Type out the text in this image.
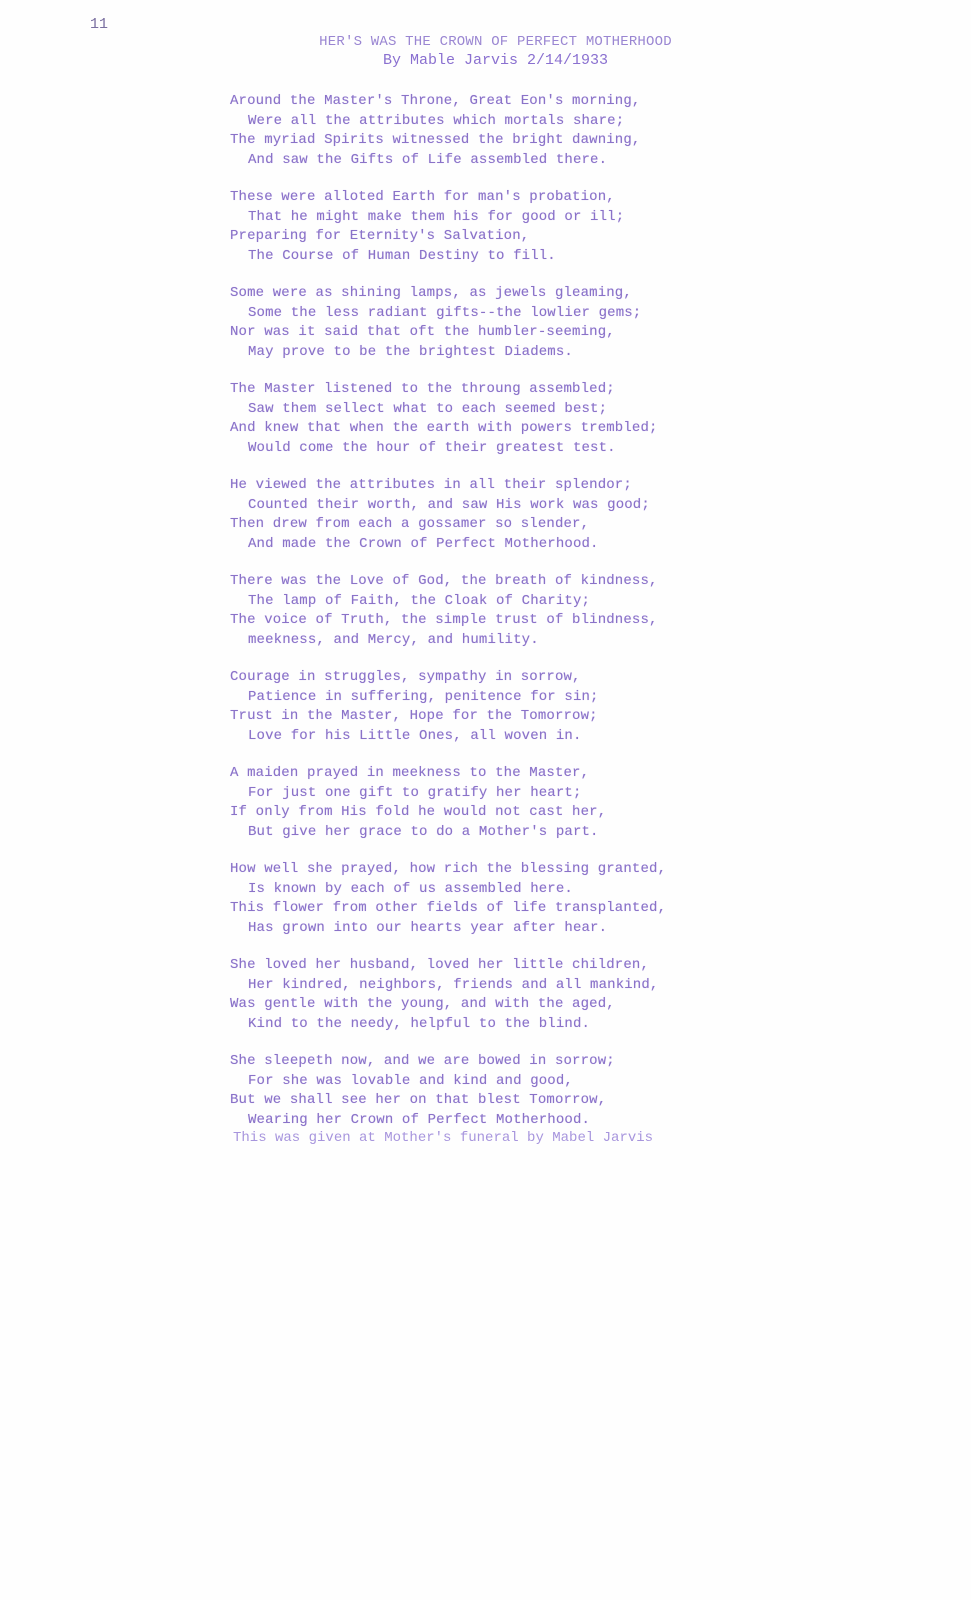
11
HER'S WAS THE CROWN OF PERFECT MOTHERHOOD
By Mable Jarvis 2/14/1933
Around the Master's Throne, Great Eon's morning,
Were all the attributes which mortals share;
The myriad Spirits witnessed the bright dawning,
And saw the Gifts of Life assembled there.
These were alloted Earth for man's probation,
That he might make them his for good or ill;
Preparing for Eternity's Salvation,
The Course of Human Destiny to fill.
Some were as shining lamps, as jewels gleaming,
Some the less radiant gifts--the lowlier gems;
Nor was it said that oft the humbler-seeming,
May prove to be the brightest Diadems.
The Master listened to the throung assembled;
Saw them sellect what to each seemed best;
And knew that when the earth with powers trembled;
Would come the hour of their greatest test.
He viewed the attributes in all their splendor;
Counted their worth, and saw His work was good;
Then drew from each a gossamer so slender,
And made the Crown of Perfect Motherhood.
There was the Love of God, the breath of kindness,
The lamp of Faith, the Cloak of Charity;
The voice of Truth, the simple trust of blindness,
meekness, and Mercy, and humility.
Courage in struggles, sympathy in sorrow,
Patience in suffering, penitence for sin;
Trust in the Master, Hope for the Tomorrow;
Love for his Little Ones, all woven in.
A maiden prayed in meekness to the Master,
For just one gift to gratify her heart;
If only from His fold he would not cast her,
But give her grace to do a Mother's part.
How well she prayed, how rich the blessing granted,
Is known by each of us assembled here.
This flower from other fields of life transplanted,
Has grown into our hearts year after hear.
She loved her husband, loved her little children,
Her kindred, neighbors, friends and all mankind,
Was gentle with the young, and with the aged,
Kind to the needy, helpful to the blind.
She sleepeth now, and we are bowed in sorrow;
For she was lovable and kind and good,
But we shall see her on that blest Tomorrow,
Wearing her Crown of Perfect Motherhood.
This was given at Mother's funeral by Mabel Jarvis
